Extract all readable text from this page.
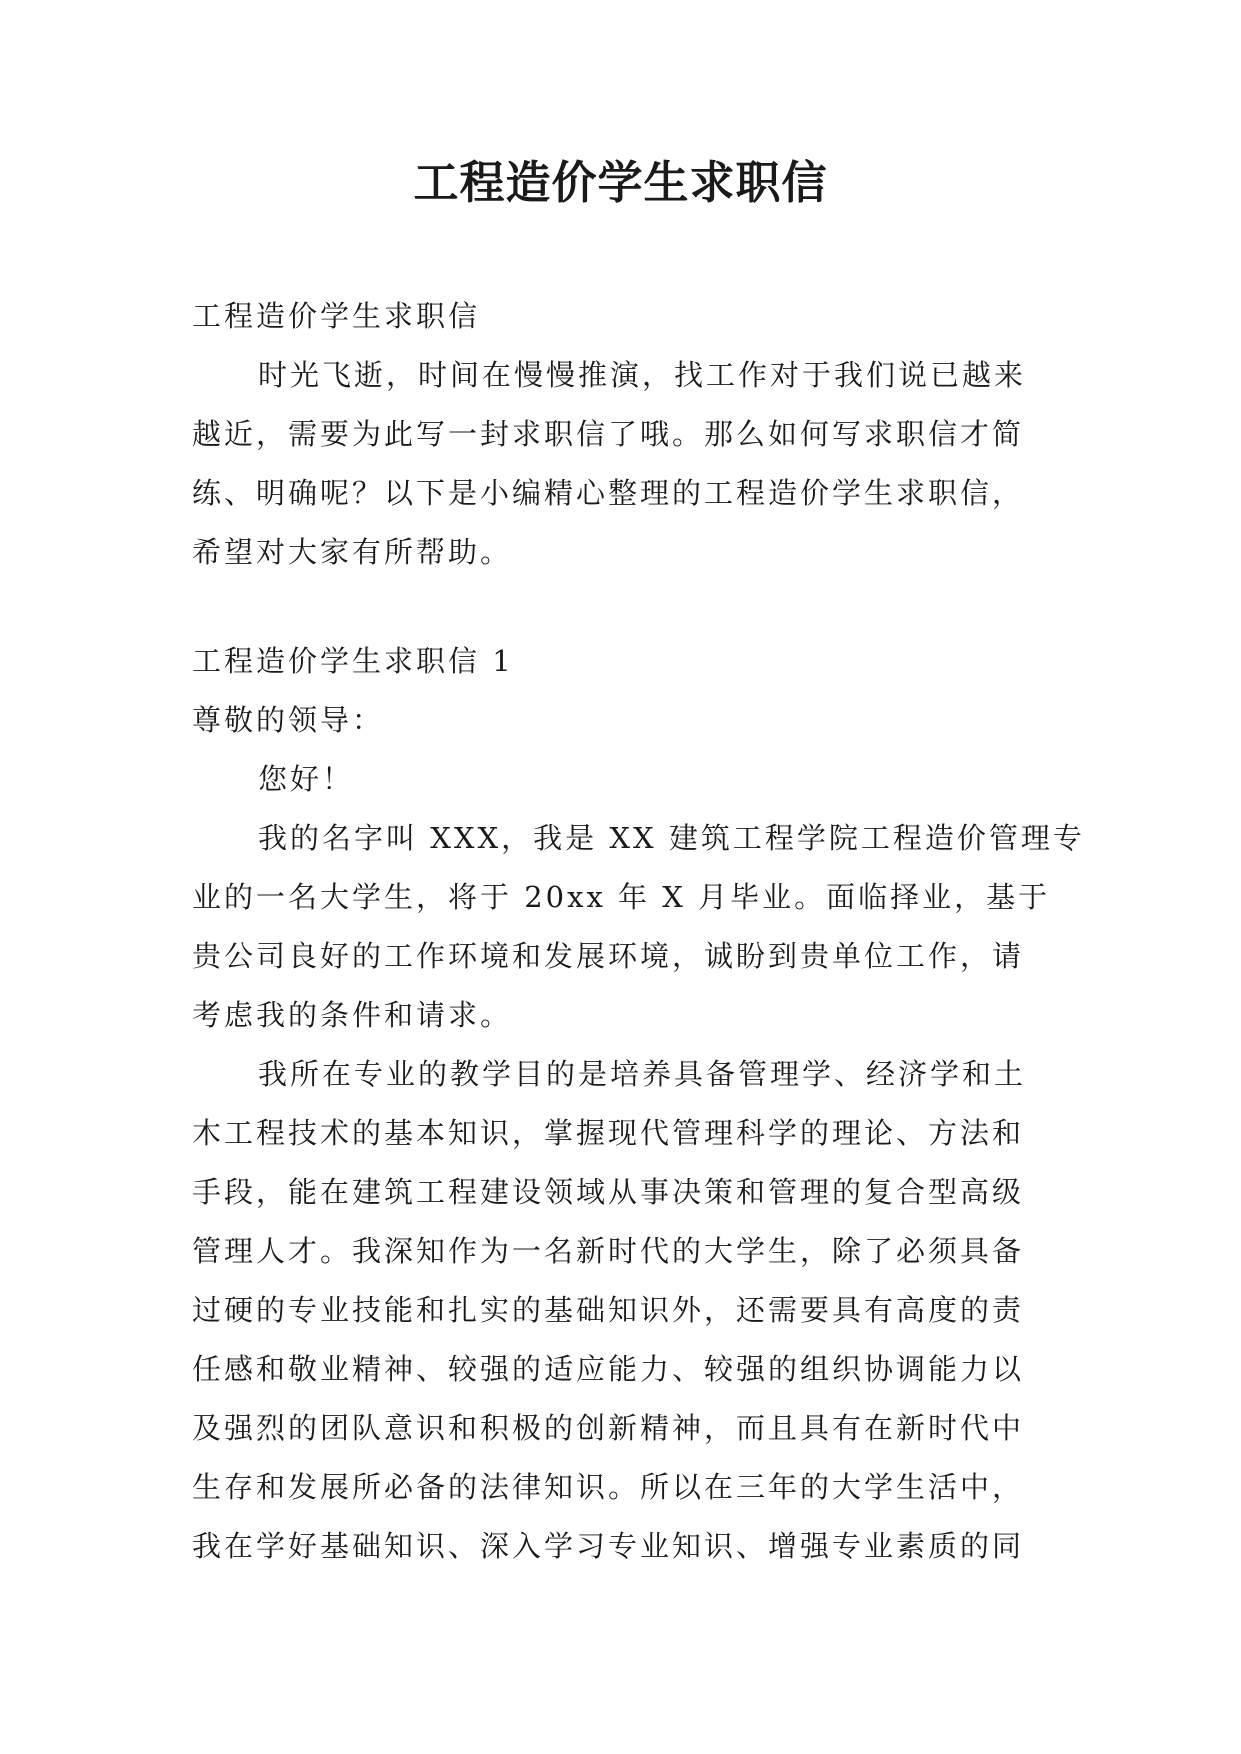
工程造价学生求职信
工程造价学生求职信
时光飞逝，时间在慢慢推演，找工作对于我们说已越来
越近，需要为此写一封求职信了哦。那么如何写求职信才简
练、明确呢？以下是小编精心整理的工程造价学生求职信，
希望对大家有所帮助。
工程造价学生求职信 1
尊敬的领导：
您好！
我的名字叫 XXX，我是 XX 建筑工程学院工程造价管理专
业的一名大学生，将于 20xx 年 X 月毕业。面临择业，基于
贵公司良好的工作环境和发展环境，诚盼到贵单位工作，请
考虑我的条件和请求。
我所在专业的教学目的是培养具备管理学、经济学和土
木工程技术的基本知识，掌握现代管理科学的理论、方法和
手段，能在建筑工程建设领域从事决策和管理的复合型高级
管理人才。我深知作为一名新时代的大学生，除了必须具备
过硬的专业技能和扎实的基础知识外，还需要具有高度的责
任感和敬业精神、较强的适应能力、较强的组织协调能力以
及强烈的团队意识和积极的创新精神，而且具有在新时代中
生存和发展所必备的法律知识。所以在三年的大学生活中，
我在学好基础知识、深入学习专业知识、增强专业素质的同
